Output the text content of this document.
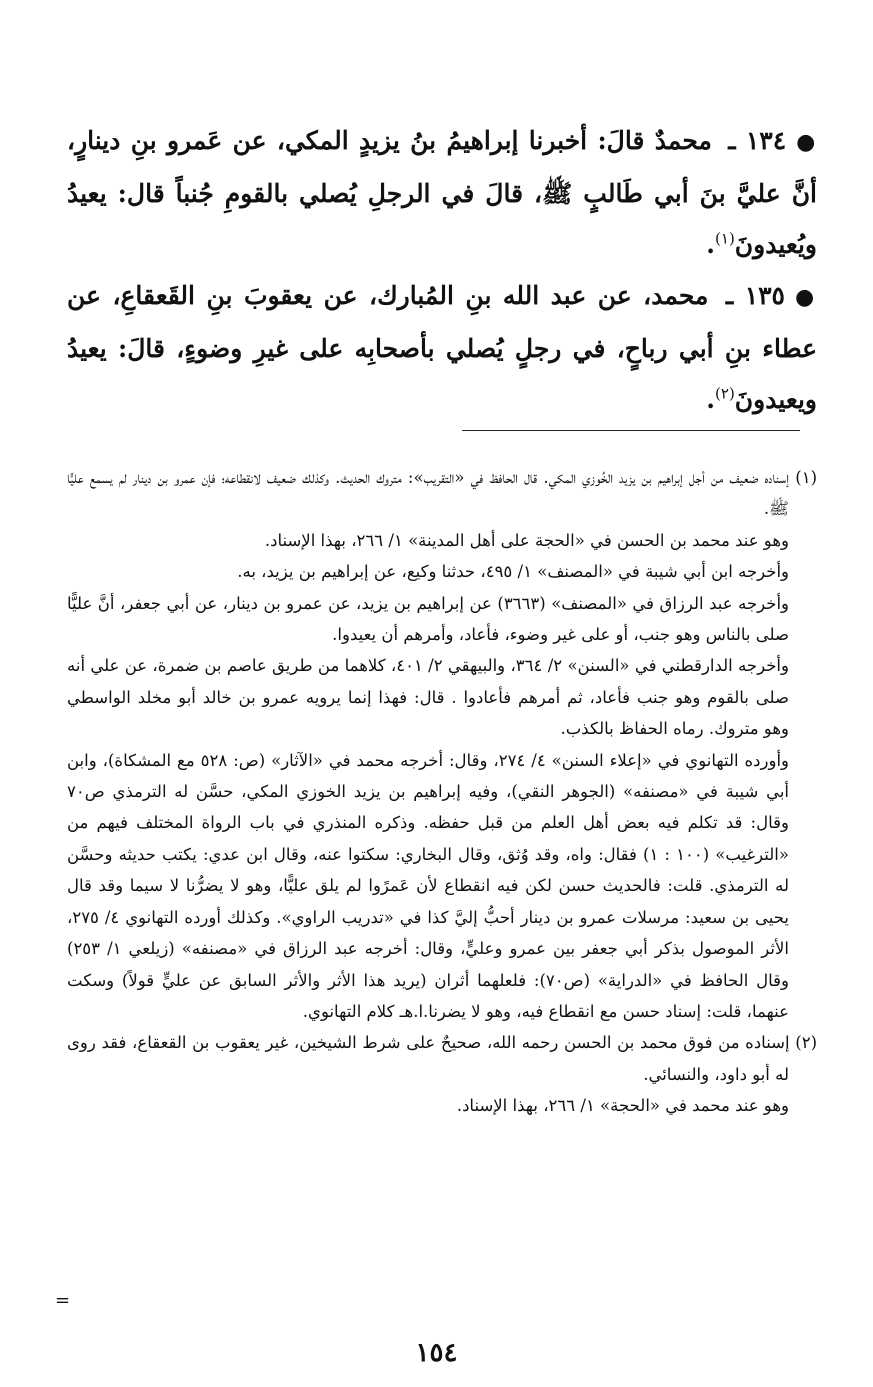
●١٣٤ ـ محمدٌ قالَ: أخبرنا إبراهيمُ بنُ يزيدٍ المكي، عن عَمرو بنِ دينارٍ، أنَّ عليَّ بنَ أبي طَالبٍ ﷺ، قالَ في الرجلِ يُصلي بالقومِ جُنباً قال: يعيدُ ويُعيدونَ$^{(١)}$.

●١٣٥ ـ محمد، عن عبد الله بنِ المُبارك، عن يعقوبَ بنِ القَعقاعِ، عن عطاء بنِ أبي رباحٍ، في رجلٍ يُصلي بأصحابِه على غيرِ وضوءٍ، قالَ: يعيدُ ويعيدونَ$^{(٢)}$.

(١) إسناده ضعيف من أجل إبراهيم بن يزيد الخُوزي المكي. قال الحافظ في «التقريب»: متروك الحديث. وكذلك ضعيف لانقطاعه؛ فإن عمرو بن دينار لم يسمع عليًّا ﷺ.
وهو عند محمد بن الحسن في «الحجة على أهل المدينة» ١/ ٢٦٦، بهذا الإسناد.
وأخرجه ابن أبي شيبة في «المصنف» ١/ ٤٩٥، حدثنا وكيع، عن إبراهيم بن يزيد، به.
وأخرجه عبد الرزاق في «المصنف» (٣٦٦٣) عن إبراهيم بن يزيد، عن عمرو بن دينار، عن أبي جعفر، أنَّ عليًّا صلى بالناس وهو جنب، أو على غير وضوء، فأعاد، وأمرهم أن يعيدوا.
وأخرجه الدارقطني في «السنن» ٢/ ٣٦٤، والبيهقي ٢/ ٤٠١، كلاهما من طريق عاصم بن ضمرة، عن علي أنه صلى بالقوم وهو جنب فأعاد، ثم أمرهم فأعادوا . قال: فهذا إنما يرويه عمرو بن خالد أبو مخلد الواسطي وهو متروك. رماه الحفاظ بالكذب.
وأورده التهانوي في «إعلاء السنن» ٤/ ٢٧٤، وقال: أخرجه محمد في «الآثار» (ص: ٥٢٨ مع المشكاة)، وابن أبي شيبة في «مصنفه» (الجوهر النقي)، وفيه إبراهيم بن يزيد الخوزي المكي، حسَّن له الترمذي ص٧٠ وقال: قد تكلم فيه بعض أهل العلم من قبل حفظه. وذكره المنذري في باب الرواة المختلف فيهم من «الترغيب» (١٠٠ : ١) فقال: واه، وقد وُثق، وقال البخاري: سكتوا عنه، وقال ابن عدي: يكتب حديثه وحسَّن له الترمذي. قلت: فالحديث حسن لكن فيه انقطاع لأن عَمرًوا لم يلق عليًّا، وهو لا يضرُّنا لا سيما وقد قال يحيى بن سعيد: مرسلات عمرو بن دينار أحبُّ إليَّ كذا في «تدريب الراوي». وكذلك أورده التهانوي ٤/ ٢٧٥، الأثر الموصول بذكر أبي جعفر بين عمرو وعليٍّ، وقال: أخرجه عبد الرزاق في «مصنفه» (زيلعي ١/ ٢٥٣) وقال الحافظ في «الدراية» (ص٧٠): فلعلهما أثران (يريد هذا الأثر والأثر السابق عن عليٍّ قولاً) وسكت عنهما، قلت: إسناد حسن مع انقطاع فيه، وهو لا يضرنا.ا.هـ كلام التهانوي.
(٢) إسناده من فوق محمد بن الحسن رحمه الله، صحيحٌ على شرط الشيخين، غير يعقوب بن القعقاع، فقد روى له أبو داود، والنسائي.
وهو عند محمد في «الحجة» ١/ ٢٦٦، بهذا الإسناد.
=
١٥٤
